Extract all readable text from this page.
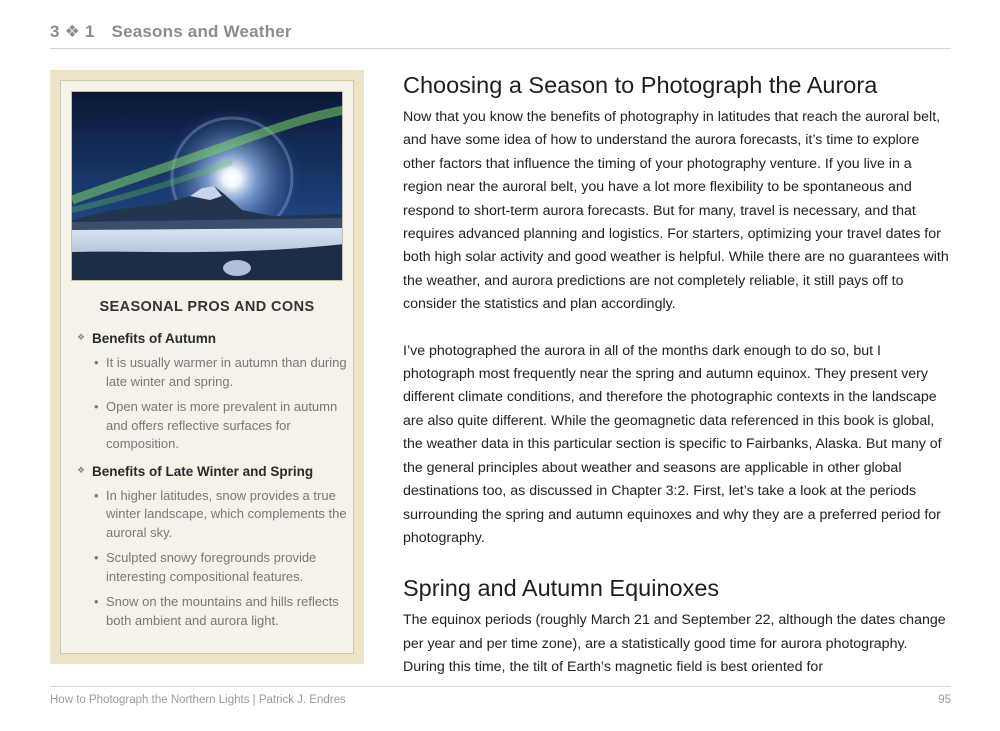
3 ❖ 1 Seasons and Weather
SEASONAL PROS AND CONS
❖ Benefits of Autumn
• It is usually warmer in autumn than during late winter and spring.
• Open water is more prevalent in autumn and offers reflective surfaces for composition.
❖ Benefits of Late Winter and Spring
• In higher latitudes, snow provides a true winter landscape, which complements the auroral sky.
• Sculpted snowy foregrounds provide interesting compositional features.
• Snow on the mountains and hills reflects both ambient and aurora light.
Choosing a Season to Photograph the Aurora

Now that you know the benefits of photography in latitudes that reach the auroral belt, and have some idea of how to understand the aurora forecasts, it’s time to explore other factors that influence the timing of your photography venture. If you live in a region near the auroral belt, you have a lot more flexibility to be spontaneous and respond to short-term aurora forecasts. But for many, travel is necessary, and that requires advanced planning and logistics. For starters, optimizing your travel dates for both high solar activity and good weather is helpful. While there are no guarantees with the weather, and aurora predictions are not completely reliable, it still pays off to consider the statistics and plan accordingly.

I’ve photographed the aurora in all of the months dark enough to do so, but I photograph most frequently near the spring and autumn equinox. They present very different climate conditions, and therefore the photographic contexts in the landscape are also quite different. While the geomagnetic data referenced in this book is global, the weather data in this particular section is specific to Fairbanks, Alaska. But many of the general principles about weather and seasons are applicable in other global destinations too, as discussed in Chapter 3:2. First, let’s take a look at the periods surrounding the spring and autumn equinoxes and why they are a preferred period for photography.

Spring and Autumn Equinoxes

The equinox periods (roughly March 21 and September 22, although the dates change per year and per time zone), are a statistically good time for aurora photography. During this time, the tilt of Earth’s magnetic field is best oriented for

How to Photograph the Northern Lights | Patrick J. Endres	95
